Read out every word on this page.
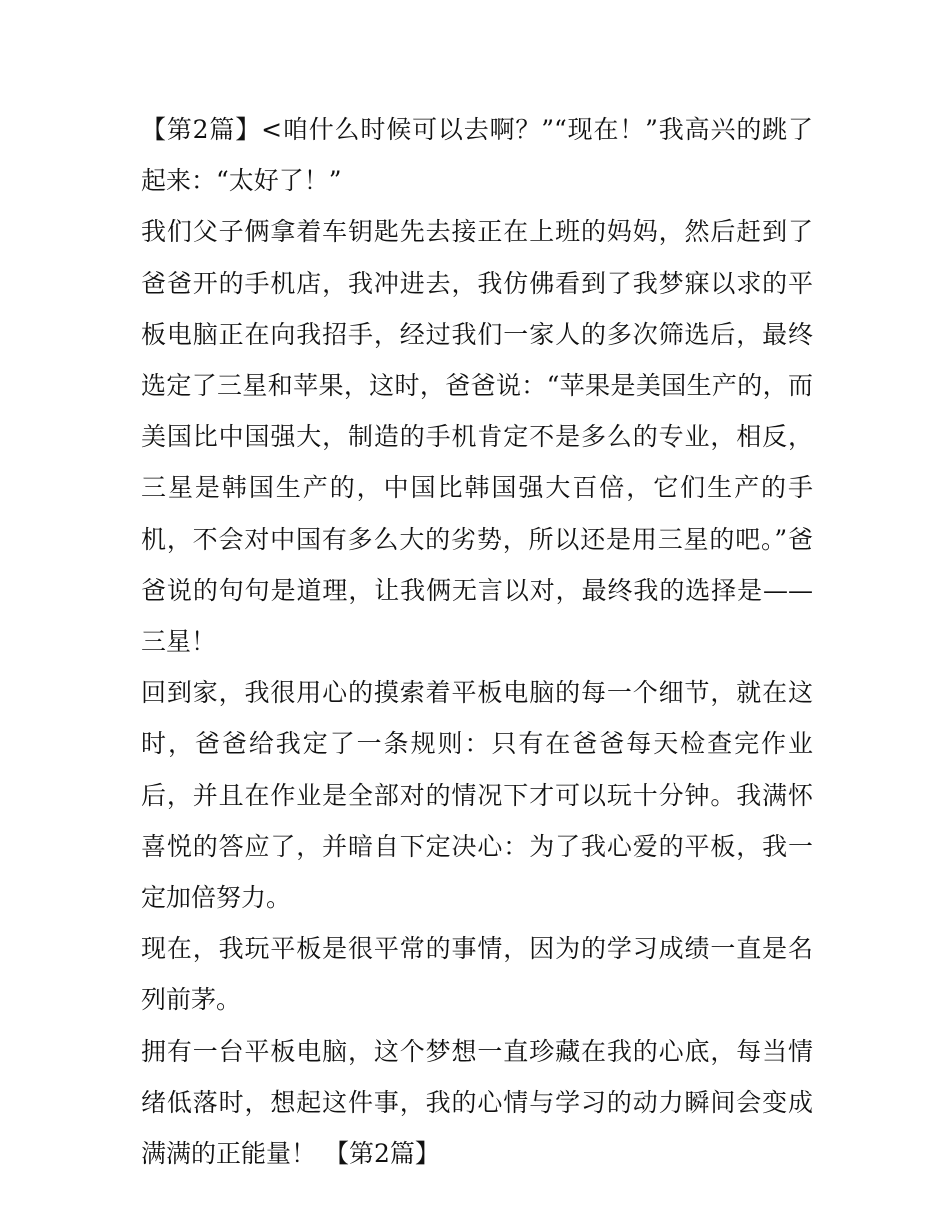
【第2篇】<咱什么时候可以去啊？”“现在！”我高兴的跳了起来：“太好了！”

我们父子俩拿着车钥匙先去接正在上班的妈妈，然后赶到了爸爸开的手机店，我冲进去，我仿佛看到了我梦寐以求的平板电脑正在向我招手，经过我们一家人的多次筛选后，最终选定了三星和苹果，这时，爸爸说：“苹果是美国生产的，而美国比中国强大，制造的手机肯定不是多么的专业，相反，三星是韩国生产的，中国比韩国强大百倍，它们生产的手机，不会对中国有多么大的劣势，所以还是用三星的吧。”爸爸说的句句是道理，让我俩无言以对，最终我的选择是——三星！

回到家，我很用心的摸索着平板电脑的每一个细节，就在这时，爸爸给我定了一条规则：只有在爸爸每天检查完作业后，并且在作业是全部对的情况下才可以玩十分钟。我满怀喜悦的答应了，并暗自下定决心：为了我心爱的平板，我一定加倍努力。

现在，我玩平板是很平常的事情，因为的学习成绩一直是名列前茅。

拥有一台平板电脑，这个梦想一直珍藏在我的心底，每当情绪低落时，想起这件事，我的心情与学习的动力瞬间会变成满满的正能量！ 【第2篇】
